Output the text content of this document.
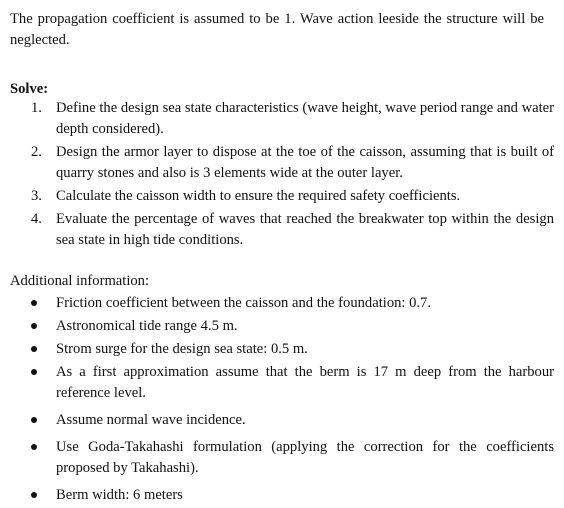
The propagation coefficient is assumed to be 1. Wave action leeside the structure will be neglected.

Solve:
1. Define the design sea state characteristics (wave height, wave period range and water depth considered).
2. Design the armor layer to dispose at the toe of the caisson, assuming that is built of quarry stones and also is 3 elements wide at the outer layer.
3. Calculate the caisson width to ensure the required safety coefficients.
4. Evaluate the percentage of waves that reached the breakwater top within the design sea state in high tide conditions.
Additional information:
Friction coefficient between the caisson and the foundation: 0.7.
Astronomical tide range 4.5 m.
Strom surge for the design sea state: 0.5 m.
As a first approximation assume that the berm is 17 m deep from the harbour reference level.
Assume normal wave incidence.
Use Goda-Takahashi formulation (applying the correction for the coefficients proposed by Takahashi).
Berm width: 6 meters
